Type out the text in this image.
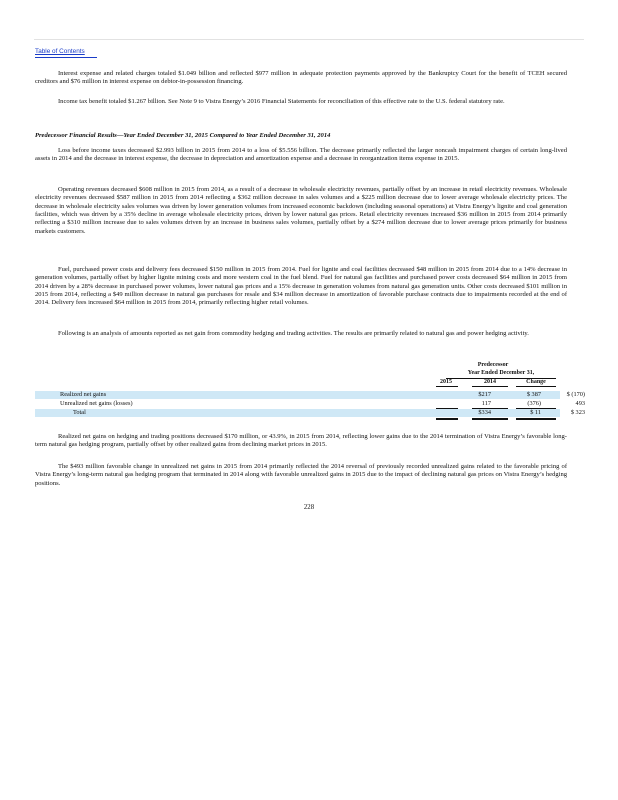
Table of Contents

Interest expense and related charges totaled $1.049 billion and reflected $977 million in adequate protection payments approved by the Bankruptcy Court for the benefit of TCEH secured creditors and $76 million in interest expense on debtor-in-possession financing.

Income tax benefit totaled $1.267 billion. See Note 9 to Vistra Energy’s 2016 Financial Statements for reconciliation of this effective rate to the U.S. federal statutory rate.

Predecessor Financial Results—Year Ended December 31, 2015 Compared to Year Ended December 31, 2014

Loss before income taxes decreased $2.993 billion in 2015 from 2014 to a loss of $5.556 billion. The decrease primarily reflected the larger noncash impairment charges of certain long-lived assets in 2014 and the decrease in interest expense, the decrease in depreciation and amortization expense and a decrease in reorganization items expense in 2015.

Operating revenues decreased $608 million in 2015 from 2014, as a result of a decrease in wholesale electricity revenues, partially offset by an increase in retail electricity revenues. Wholesale electricity revenues decreased $587 million in 2015 from 2014 reflecting a $362 million decrease in sales volumes and a $225 million decrease due to lower average wholesale electricity prices. The decrease in wholesale electricity sales volumes was driven by lower generation volumes from increased economic backdown (including seasonal operations) at Vistra Energy’s lignite and coal generation facilities, which was driven by a 35% decline in average wholesale electricity prices, driven by lower natural gas prices. Retail electricity revenues increased $36 million in 2015 from 2014 primarily reflecting a $310 million increase due to sales volumes driven by an increase in business sales volumes, partially offset by a $274 million decrease due to lower average prices primarily for business markets customers.

Fuel, purchased power costs and delivery fees decreased $150 million in 2015 from 2014. Fuel for lignite and coal facilities decreased $48 million in 2015 from 2014 due to a 14% decrease in generation volumes, partially offset by higher lignite mining costs and more western coal in the fuel blend. Fuel for natural gas facilities and purchased power costs decreased $64 million in 2015 from 2014 driven by a 28% decrease in purchased power volumes, lower natural gas prices and a 15% decrease in generation volumes from natural gas generation units. Other costs decreased $101 million in 2015 from 2014, reflecting a $49 million decrease in natural gas purchases for resale and $34 million decrease in amortization of favorable purchase contracts due to impairments recorded at the end of 2014. Delivery fees increased $64 million in 2015 from 2014, primarily reflecting higher retail volumes.

Following is an analysis of amounts reported as net gain from commodity hedging and trading activities. The results are primarily related to natural gas and power hedging activity.

Predecessor
Year Ended December 31,
2015	2014	Change
Realized net gains	$217	$ 387	$ (170)
Unrealized net gains (losses)	117	(376)	493
Total	$334	$ 11	$ 323

Realized net gains on hedging and trading positions decreased $170 million, or 43.9%, in 2015 from 2014, reflecting lower gains due to the 2014 termination of Vistra Energy’s favorable long-term natural gas hedging program, partially offset by other realized gains from declining market prices in 2015.

The $493 million favorable change in unrealized net gains in 2015 from 2014 primarily reflected the 2014 reversal of previously recorded unrealized gains related to the favorable pricing of Vistra Energy’s long-term natural gas hedging program that terminated in 2014 along with favorable unrealized gains in 2015 due to the impact of declining natural gas prices on Vistra Energy’s hedging positions.

228
